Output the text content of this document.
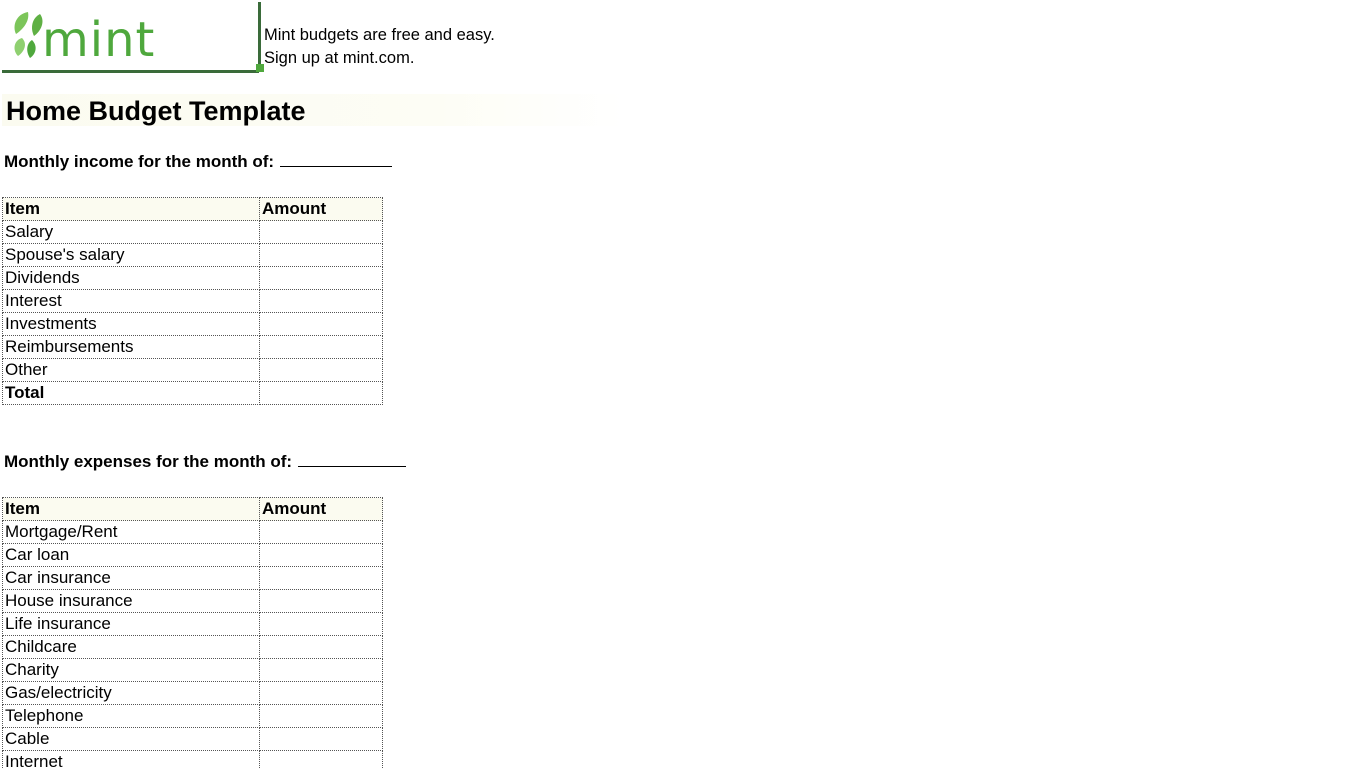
mint	Mint budgets are free and easy.
Sign up at mint.com.
Home Budget Template
Monthly income for the month of:
Item	Amount
Salary	
Spouse's salary	
Dividends	
Interest	
Investments	
Reimbursements	
Other	
Total	
Monthly expenses for the month of:
Item	Amount
Mortgage/Rent	
Car loan	
Car insurance	
House insurance	
Life insurance	
Childcare	
Charity	
Gas/electricity	
Telephone	
Cable	
Internet	
